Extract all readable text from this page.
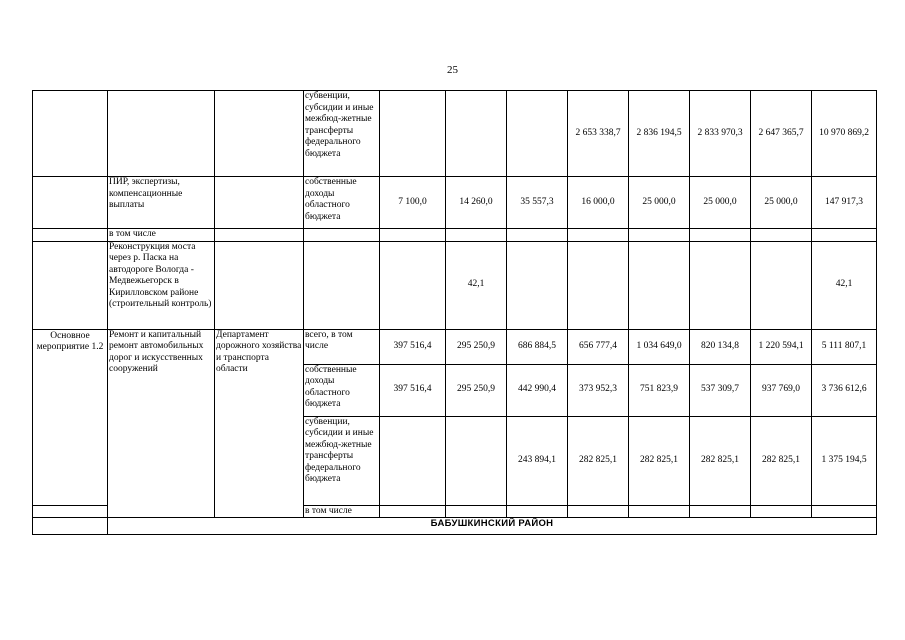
25

			субвенции, субсидии и иные межбюд-жетные трансферты федерального бюджета				2 653 338,7	2 836 194,5	2 833 970,3	2 647 365,7	10 970 869,2

	ПИР, экспертизы, компенсационные выплаты		собственные доходы областного бюджета	7 100,0	14 260,0	35 557,3	16 000,0	25 000,0	25 000,0	25 000,0	147 917,3
	в том числе										

	Реконструкция моста через р. Паска на автодороге Вологда - Медвежьегорск в Кирилловском районе (строительный контроль)				42,1						42,1

Основное мероприятие 1.2	Ремонт и капитальный ремонт автомобильных дорог и искусственных сооружений	Департамент дорожного хозяйства и транспорта области	всего, в том числе	397 516,4	295 250,9	686 884,5	656 777,4	1 034 649,0	820 134,8	1 220 594,1	5 111 807,1

			собственные доходы областного бюджета	397 516,4	295 250,9	442 990,4	373 952,3	751 823,9	537 309,7	937 769,0	3 736 612,6

			субвенции, субсидии и иные межбюд-жетные трансферты федерального бюджета			243 894,1	282 825,1	282 825,1	282 825,1	282 825,1	1 375 194,5
			в том числе								
	БАБУШКИНСКИЙ РАЙОН										
